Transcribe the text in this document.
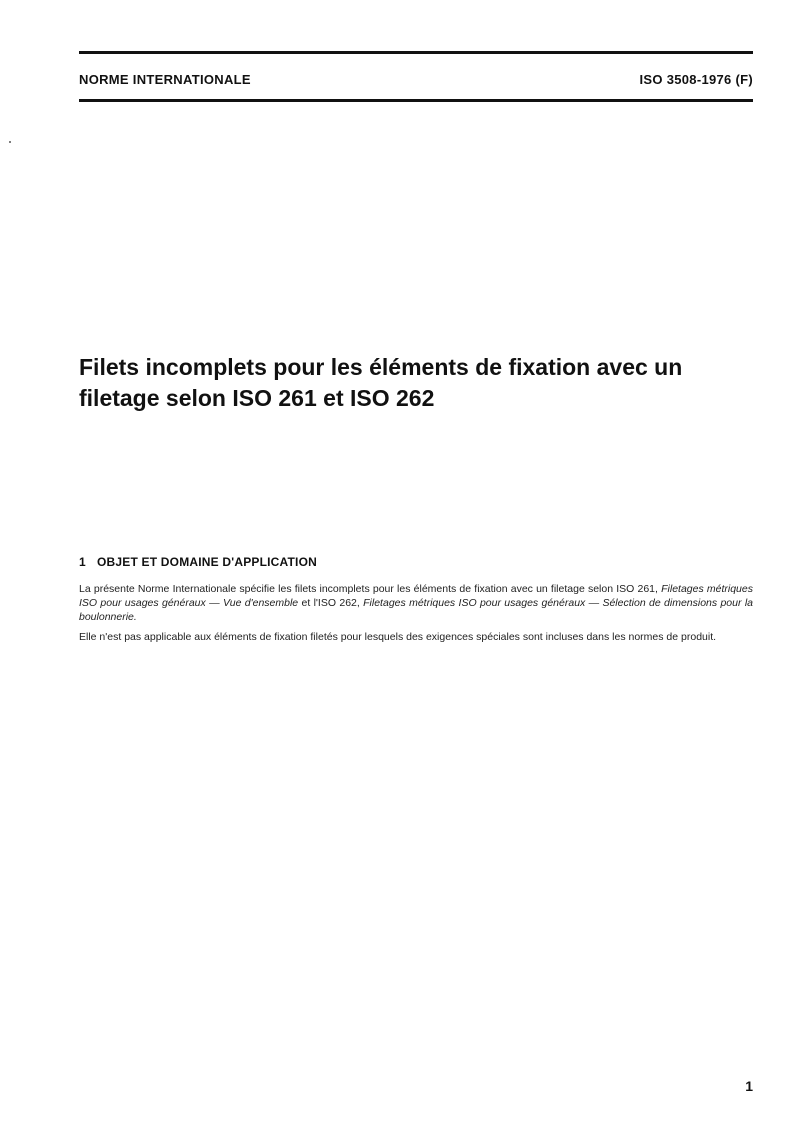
NORME INTERNATIONALE	ISO 3508-1976 (F)
Filets incomplets pour les éléments de fixation avec un
filetage selon ISO 261 et ISO 262

1 OBJET ET DOMAINE D'APPLICATION

La présente Norme Internationale spécifie les filets incomplets pour les éléments de fixation avec un filetage selon ISO 261, Filetages métriques ISO pour usages généraux — Vue d'ensemble et l'ISO 262, Filetages métriques ISO pour usages généraux — Sélection de dimensions pour la boulonnerie.

Elle n'est pas applicable aux éléments de fixation filetés pour lesquels des exigences spéciales sont incluses dans les normes de produit.

1
